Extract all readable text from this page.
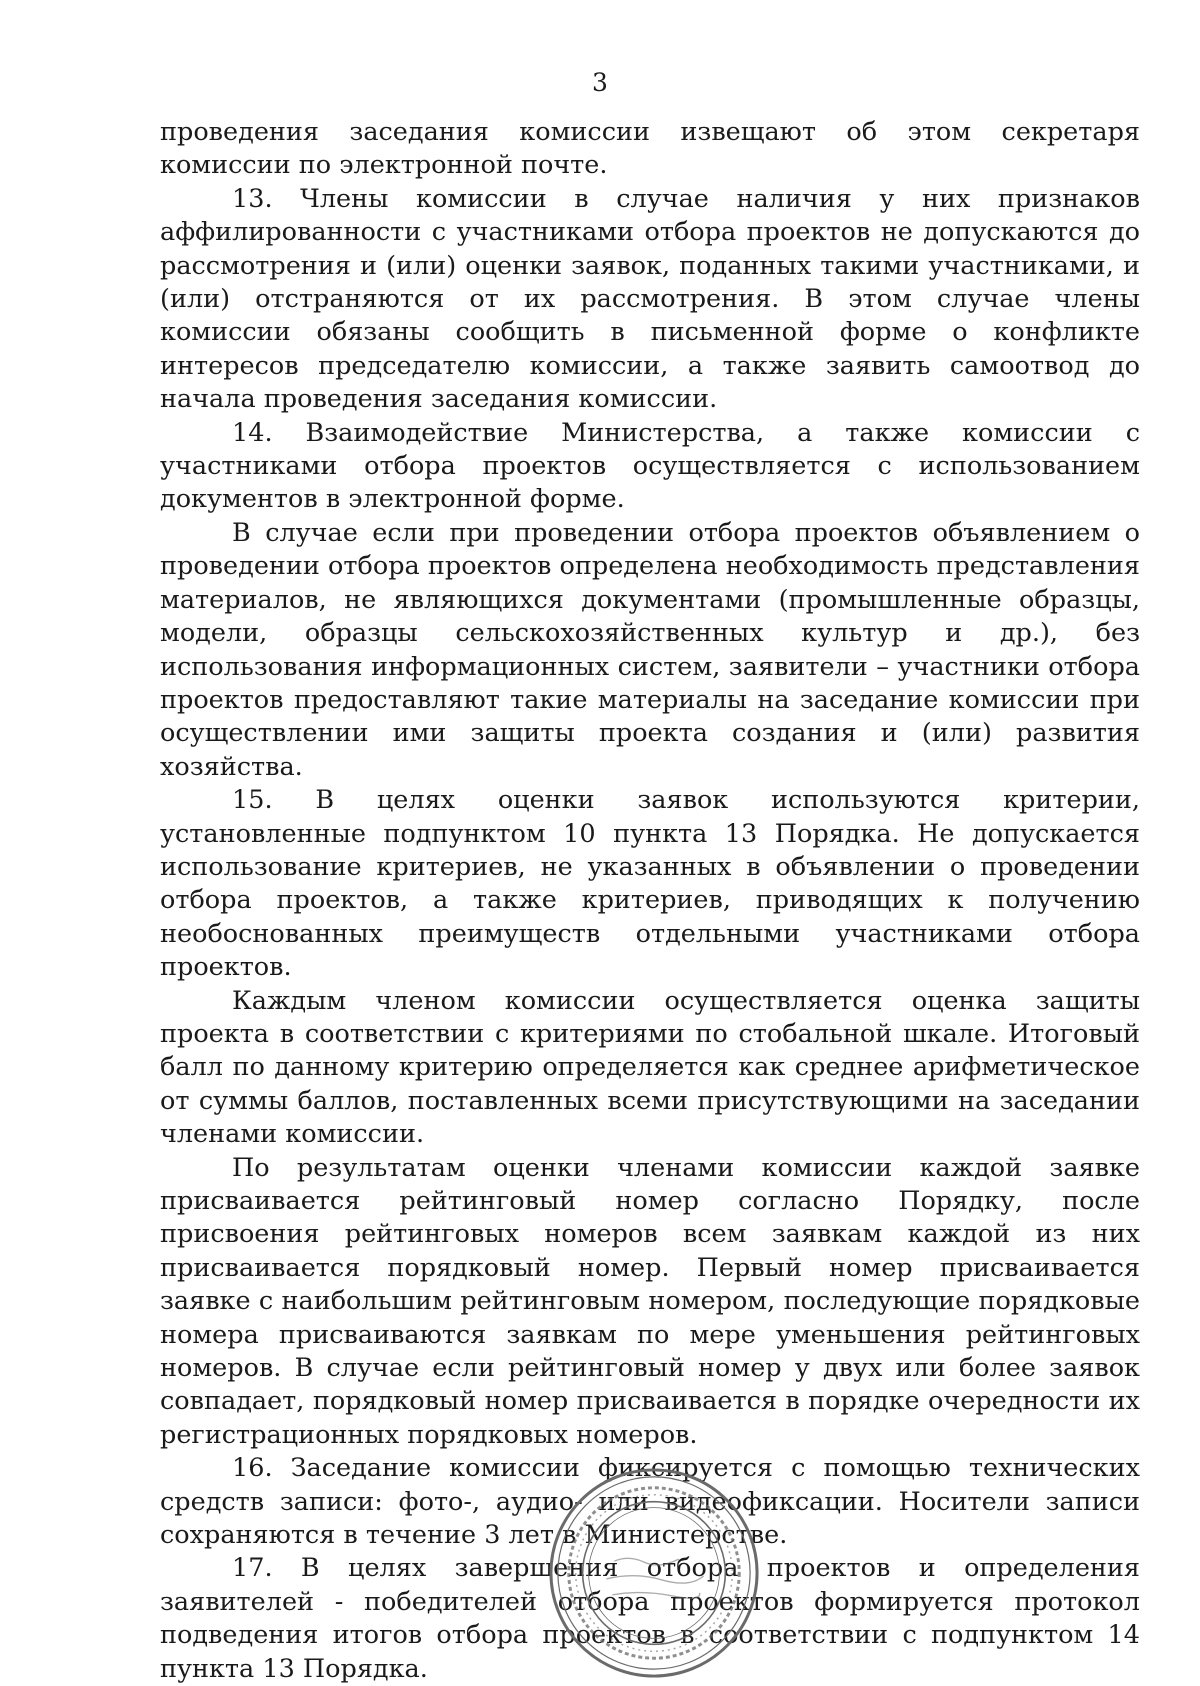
3

проведения заседания комиссии извещают об этом секретаря комиссии по электронной почте.

13. Члены комиссии в случае наличия у них признаков аффилированности с участниками отбора проектов не допускаются до рассмотрения и (или) оценки заявок, поданных такими участниками, и (или) отстраняются от их рассмотрения. В этом случае члены комиссии обязаны сообщить в письменной форме о конфликте интересов председателю комиссии, а также заявить самоотвод до начала проведения заседания комиссии.

14. Взаимодействие Министерства, а также комиссии с участниками отбора проектов осуществляется с использованием документов в электронной форме.

В случае если при проведении отбора проектов объявлением о проведении отбора проектов определена необходимость представления материалов, не являющихся документами (промышленные образцы, модели, образцы сельскохозяйственных культур и др.), без использования информационных систем, заявители – участники отбора проектов предоставляют такие материалы на заседание комиссии при осуществлении ими защиты проекта создания и (или) развития хозяйства.

15. В целях оценки заявок используются критерии, установленные подпунктом 10 пункта 13 Порядка. Не допускается использование критериев, не указанных в объявлении о проведении отбора проектов, а также критериев, приводящих к получению необоснованных преимуществ отдельными участниками отбора проектов.

Каждым членом комиссии осуществляется оценка защиты проекта в соответствии с критериями по стобальной шкале. Итоговый балл по данному критерию определяется как среднее арифметическое от суммы баллов, поставленных всеми присутствующими на заседании членами комиссии.

По результатам оценки членами комиссии каждой заявке присваивается рейтинговый номер согласно Порядку, после присвоения рейтинговых номеров всем заявкам каждой из них присваивается порядковый номер. Первый номер присваивается заявке с наибольшим рейтинговым номером, последующие порядковые номера присваиваются заявкам по мере уменьшения рейтинговых номеров. В случае если рейтинговый номер у двух или более заявок совпадает, порядковый номер присваивается в порядке очередности их регистрационных порядковых номеров.

16. Заседание комиссии фиксируется с помощью технических средств записи: фото-, аудио- или видеофиксации. Носители записи сохраняются в течение 3 лет в Министерстве.

17. В целях завершения отбора проектов и определения заявителей - победителей отбора проектов формируется протокол подведения итогов отбора проектов в соответствии с подпунктом 14 пункта 13 Порядка.
